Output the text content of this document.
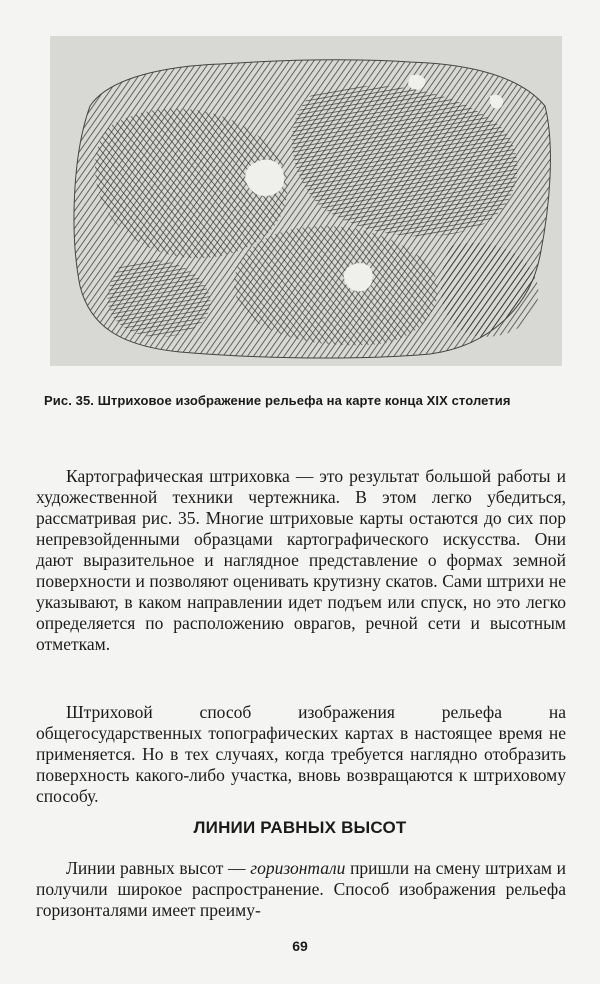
Рис. 35. Штриховое изображение рельефа на карте конца XIX столетия

Картографическая штриховка — это результат большой работы и художественной техники чертежника. В этом легко убедиться, рассматривая рис. 35. Многие штриховые карты остаются до сих пор непревзойденными образцами картографического искусства. Они дают выразительное и наглядное представление о формах земной поверхности и позволяют оценивать крутизну скатов. Сами штрихи не указывают, в каком направлении идет подъем или спуск, но это легко определяется по расположению оврагов, речной сети и высотным отметкам.

Штриховой способ изображения рельефа на общегосударственных топографических картах в настоящее время не применяется. Но в тех случаях, когда требуется наглядно отобразить поверхность какого-либо участка, вновь возвращаются к штриховому способу.

ЛИНИИ РАВНЫХ ВЫСОТ

Линии равных высот — горизонтали пришли на смену штрихам и получили широкое распространение. Способ изображения рельефа горизонталями имеет преиму-

69
